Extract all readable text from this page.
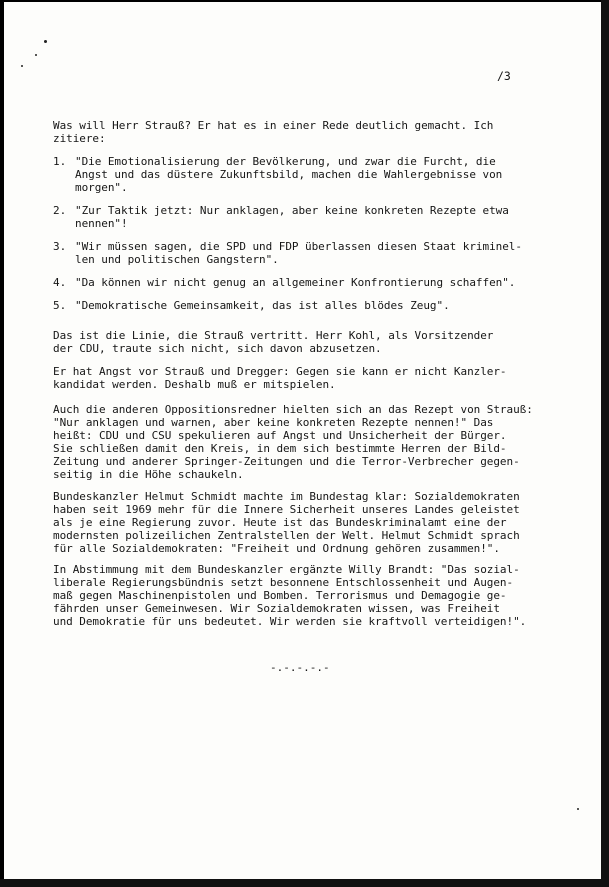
/3
Was will Herr Strauß? Er hat es in einer Rede deutlich gemacht. Ich
zitiere:
1. "Die Emotionalisierung der Bevölkerung, und zwar die Furcht, die
Angst und das düstere Zukunftsbild, machen die Wahlergebnisse von
morgen".
2. "Zur Taktik jetzt: Nur anklagen, aber keine konkreten Rezepte etwa
nennen"!
3. "Wir müssen sagen, die SPD und FDP überlassen diesen Staat kriminel-
len und politischen Gangstern".
4. "Da können wir nicht genug an allgemeiner Konfrontierung schaffen".
5. "Demokratische Gemeinsamkeit, das ist alles blödes Zeug".
Das ist die Linie, die Strauß vertritt. Herr Kohl, als Vorsitzender
der CDU, traute sich nicht, sich davon abzusetzen.
Er hat Angst vor Strauß und Dregger: Gegen sie kann er nicht Kanzler-
kandidat werden. Deshalb muß er mitspielen.
Auch die anderen Oppositionsredner hielten sich an das Rezept von Strauß:
"Nur anklagen und warnen, aber keine konkreten Rezepte nennen!" Das
heißt: CDU und CSU spekulieren auf Angst und Unsicherheit der Bürger.
Sie schließen damit den Kreis, in dem sich bestimmte Herren der Bild-
Zeitung und anderer Springer-Zeitungen und die Terror-Verbrecher gegen-
seitig in die Höhe schaukeln.
Bundeskanzler Helmut Schmidt machte im Bundestag klar: Sozialdemokraten
haben seit 1969 mehr für die Innere Sicherheit unseres Landes geleistet
als je eine Regierung zuvor. Heute ist das Bundeskriminalamt eine der
modernsten polizeilichen Zentralstellen der Welt. Helmut Schmidt sprach
für alle Sozialdemokraten: "Freiheit und Ordnung gehören zusammen!".
In Abstimmung mit dem Bundeskanzler ergänzte Willy Brandt: "Das sozial-
liberale Regierungsbündnis setzt besonnene Entschlossenheit und Augen-
maß gegen Maschinenpistolen und Bomben. Terrorismus und Demagogie ge-
fährden unser Gemeinwesen. Wir Sozialdemokraten wissen, was Freiheit
und Demokratie für uns bedeutet. Wir werden sie kraftvoll verteidigen!".
-.-.-.-.-
